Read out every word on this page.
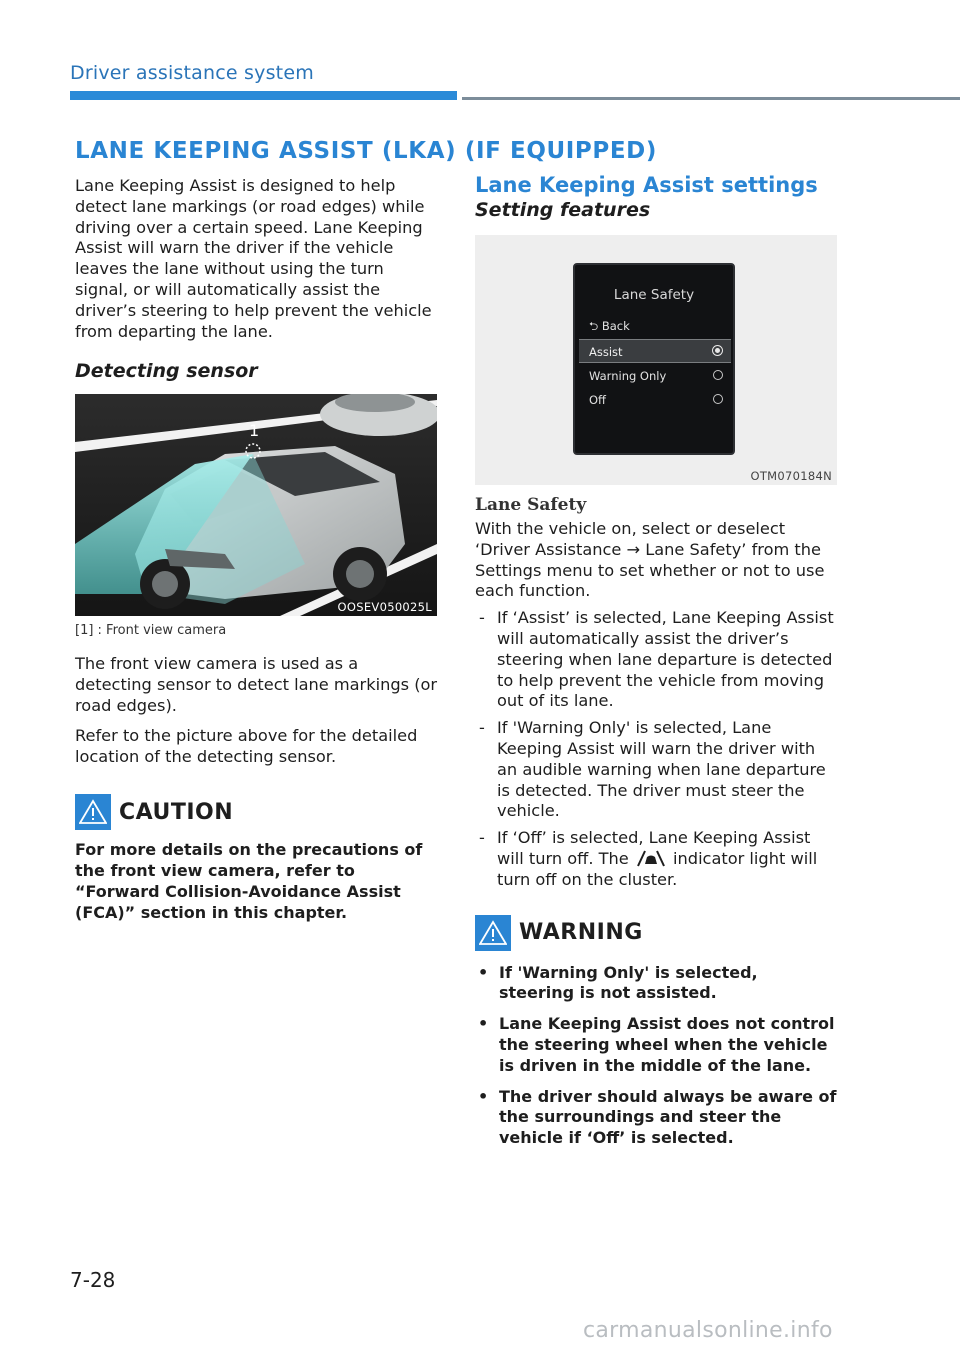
Driver assistance system
LANE KEEPING ASSIST (LKA) (IF EQUIPPED)

Lane Keeping Assist is designed to help detect lane markings (or road edges) while driving over a certain speed. Lane Keeping Assist will warn the driver if the vehicle leaves the lane without using the turn signal, or will automatically assist the driver’s steering to help prevent the vehicle from departing the lane.

Detecting sensor
1
OOSEV050025L
[1] : Front view camera

The front view camera is used as a detecting sensor to detect lane markings (or road edges).

Refer to the picture above for the detailed location of the detecting sensor.

CAUTION

For more details on the precautions of the front view camera, refer to “Forward Collision-Avoidance Assist (FCA)” section in this chapter.

Lane Keeping Assist settings
Setting features
Lane Safety
⮌ Back
Assist
Warning Only
Off
OTM070184N
Lane Safety

With the vehicle on, select or deselect ‘Driver Assistance → Lane Safety’ from the Settings menu to set whether or not to use each function.

- If ‘Assist’ is selected, Lane Keeping Assist will automatically assist the driver’s steering when lane departure is detected to help prevent the vehicle from moving out of its lane.
- If 'Warning Only' is selected, Lane Keeping Assist will warn the driver with an audible warning when lane departure is detected. The driver must steer the vehicle.
- If ‘Off’ is selected, Lane Keeping Assist will turn off. The	indicator light will turn off on the cluster.
WARNING
• If 'Warning Only' is selected, steering is not assisted.
• Lane Keeping Assist does not control the steering wheel when the vehicle is driven in the middle of the lane.
• The driver should always be aware of the surroundings and steer the vehicle if ‘Off’ is selected.
7-28
carmanualsonline.info
